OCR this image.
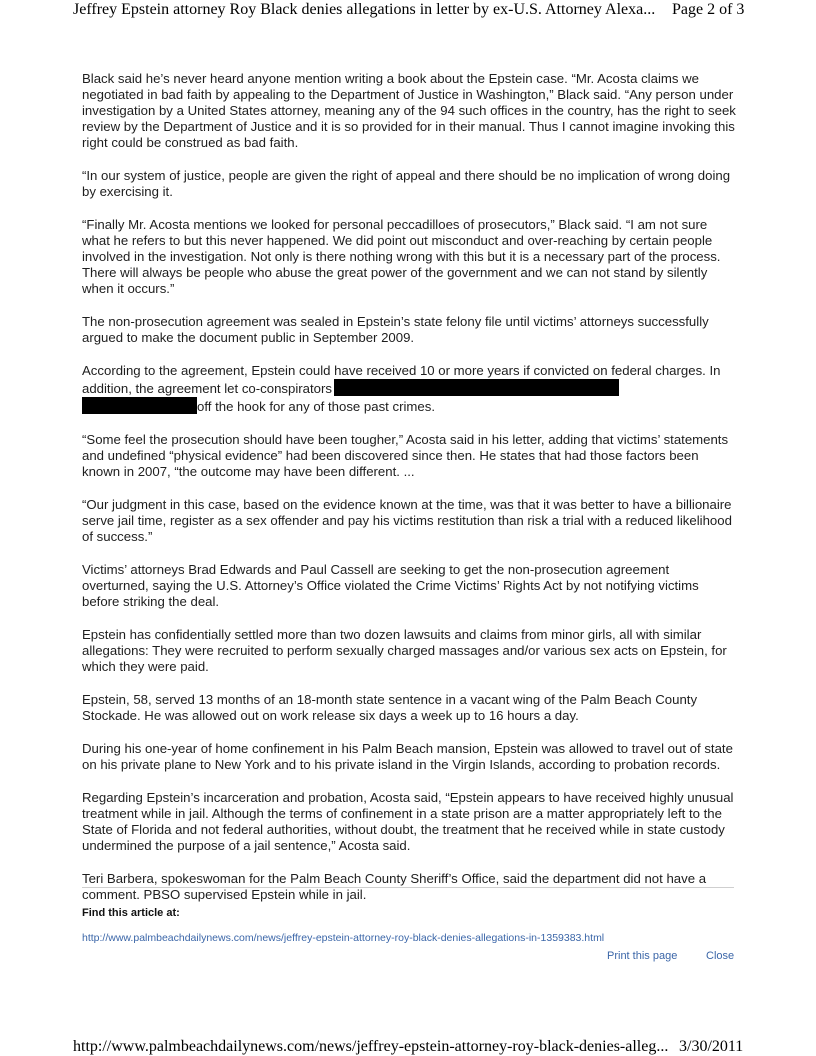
Jeffrey Epstein attorney Roy Black denies allegations in letter by ex-U.S. Attorney Alexa... Page 2 of 3

Black said he’s never heard anyone mention writing a book about the Epstein case. “Mr. Acosta claims we negotiated in bad faith by appealing to the Department of Justice in Washington,” Black said. “Any person under investigation by a United States attorney, meaning any of the 94 such offices in the country, has the right to seek review by the Department of Justice and it is so provided for in their manual. Thus I cannot imagine invoking this right could be construed as bad faith.

“In our system of justice, people are given the right of appeal and there should be no implication of wrong doing by exercising it.

“Finally Mr. Acosta mentions we looked for personal peccadilloes of prosecutors,” Black said. “I am not sure what he refers to but this never happened. We did point out misconduct and over-reaching by certain people involved in the investigation. Not only is there nothing wrong with this but it is a necessary part of the process. There will always be people who abuse the great power of the government and we can not stand by silently when it occurs.”

The non-prosecution agreement was sealed in Epstein’s state felony file until victims’ attorneys successfully argued to make the document public in September 2009.

According to the agreement, Epstein could have received 10 or more years if convicted on federal charges. In addition, the agreement let co-conspirators
off the hook for any of those past crimes.

“Some feel the prosecution should have been tougher,” Acosta said in his letter, adding that victims’ statements and undefined “physical evidence” had been discovered since then. He states that had those factors been known in 2007, “the outcome may have been different. ...

“Our judgment in this case, based on the evidence known at the time, was that it was better to have a billionaire serve jail time, register as a sex offender and pay his victims restitution than risk a trial with a reduced likelihood of success.”

Victims’ attorneys Brad Edwards and Paul Cassell are seeking to get the non-prosecution agreement overturned, saying the U.S. Attorney’s Office violated the Crime Victims’ Rights Act by not notifying victims before striking the deal.

Epstein has confidentially settled more than two dozen lawsuits and claims from minor girls, all with similar allegations: They were recruited to perform sexually charged massages and/or various sex acts on Epstein, for which they were paid.

Epstein, 58, served 13 months of an 18-month state sentence in a vacant wing of the Palm Beach County Stockade. He was allowed out on work release six days a week up to 16 hours a day.

During his one-year of home confinement in his Palm Beach mansion, Epstein was allowed to travel out of state on his private plane to New York and to his private island in the Virgin Islands, according to probation records.

Regarding Epstein’s incarceration and probation, Acosta said, “Epstein appears to have received highly unusual treatment while in jail. Although the terms of confinement in a state prison are a matter appropriately left to the State of Florida and not federal authorities, without doubt, the treatment that he received while in state custody undermined the purpose of a jail sentence,” Acosta said.

Teri Barbera, spokeswoman for the Palm Beach County Sheriff’s Office, said the department did not have a comment. PBSO supervised Epstein while in jail.

Find this article at:
http://www.palmbeachdailynews.com/news/jeffrey-epstein-attorney-roy-black-denies-allegations-in-1359383.html
Print this page	Close
http://www.palmbeachdailynews.com/news/jeffrey-epstein-attorney-roy-black-denies-alleg... 3/30/2011
